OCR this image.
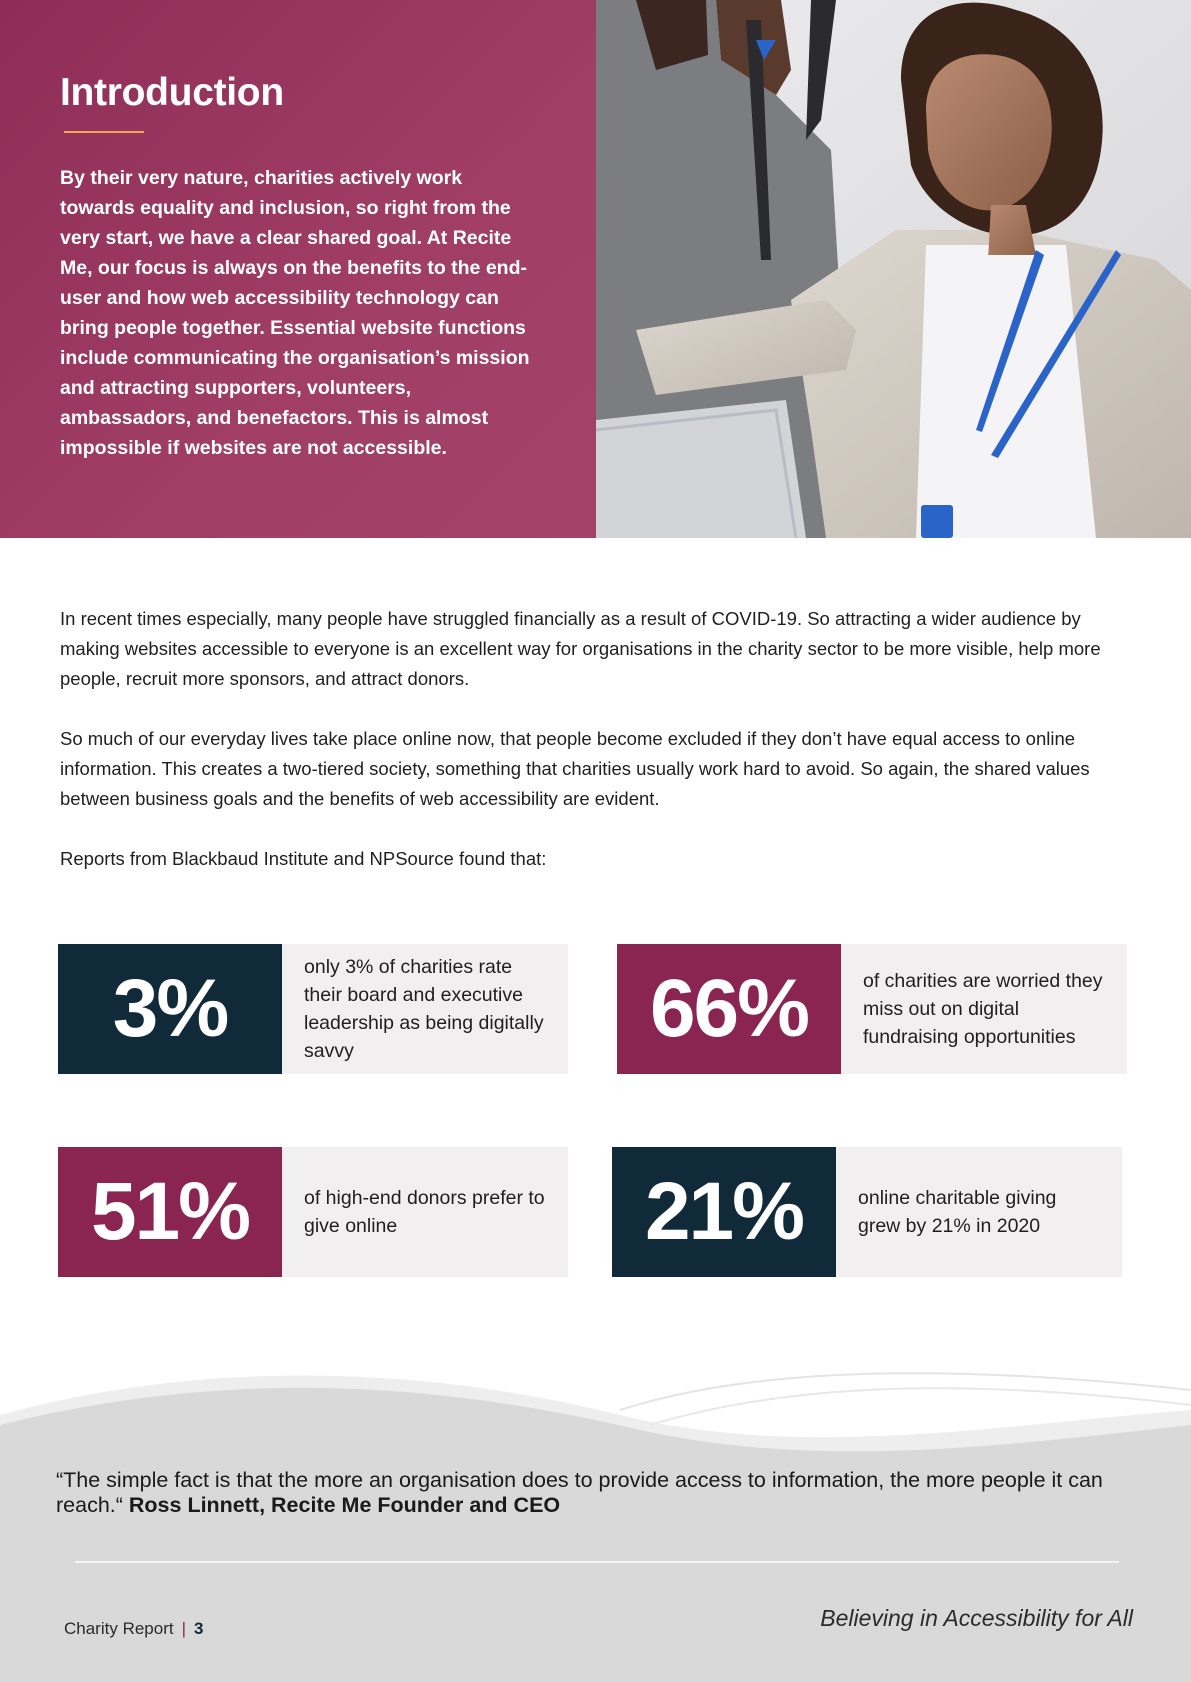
Introduction

By their very nature, charities actively work towards equality and inclusion, so right from the very start, we have a clear shared goal. At Recite Me, our focus is always on the benefits to the end-user and how web accessibility technology can bring people together. Essential website functions include communicating the organisation’s mission and attracting supporters, volunteers, ambassadors, and benefactors. This is almost impossible if websites are not accessible.

In recent times especially, many people have struggled financially as a result of COVID-19. So attracting a wider audience by making websites accessible to everyone is an excellent way for organisations in the charity sector to be more visible, help more people, recruit more sponsors, and attract donors.

So much of our everyday lives take place online now, that people become excluded if they don’t have equal access to online information. This creates a two-tiered society, something that charities usually work hard to avoid. So again, the shared values between business goals and the benefits of web accessibility are evident.

Reports from Blackbaud Institute and NPSource found that:

3%	only 3% of charities rate their board and executive leadership as being digitally savvy	66%	of charities are worried they miss out on digital fundraising opportunities
51%	of high-end donors prefer to give online	21%	online charitable giving grew by 21% in 2020

“The simple fact is that the more an organisation does to provide access to information, the more people it can reach.“ Ross Linnett, Recite Me Founder and CEO

Charity Report | 3	Believing in Accessibility for All
